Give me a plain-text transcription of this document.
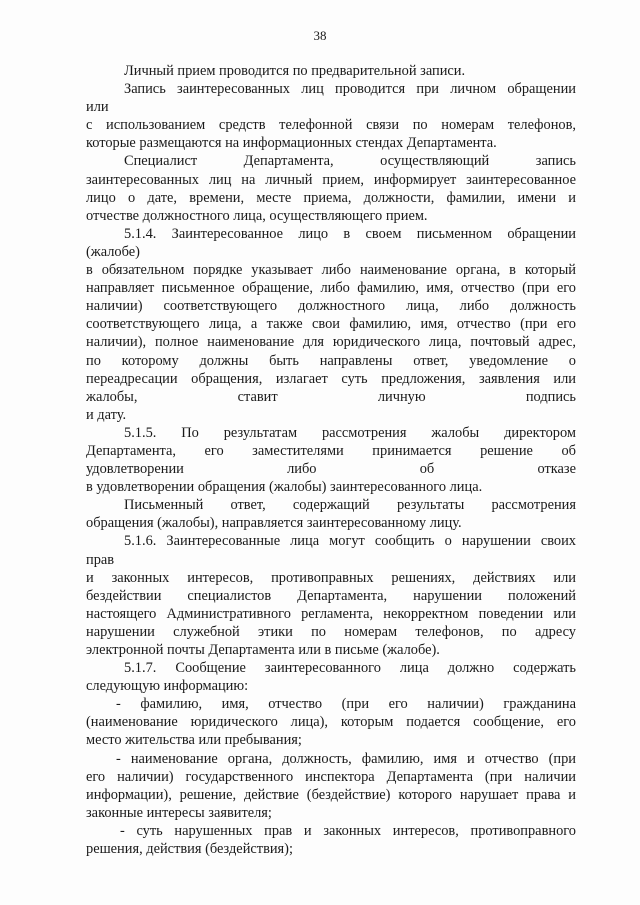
38
Личный прием проводится по предварительной записи.
Запись заинтересованных лиц проводится при личном обращении
или
с использованием средств телефонной связи по номерам телефонов,
которые размещаются на информационных стендах Департамента.
Специалист Департамента, осуществляющий запись
заинтересованных лиц на личный прием, информирует заинтересованное
лицо о дате, времени, месте приема, должности, фамилии, имени и
отчестве должностного лица, осуществляющего прием.
5.1.4. Заинтересованное лицо в своем письменном обращении
(жалобе)
в обязательном порядке указывает либо наименование органа, в который
направляет письменное обращение, либо фамилию, имя, отчество (при его
наличии) соответствующего должностного лица, либо должность
соответствующего лица, а также свои фамилию, имя, отчество (при его
наличии), полное наименование для юридического лица, почтовый адрес,
по которому должны быть направлены ответ, уведомление о
переадресации обращения, излагает суть предложения, заявления или
жалобы, ставит личную подпись
и дату.
5.1.5. По результатам рассмотрения жалобы директором
Департамента, его заместителями принимается решение об
удовлетворении либо об отказе
в удовлетворении обращения (жалобы) заинтересованного лица.
Письменный ответ, содержащий результаты рассмотрения
обращения (жалобы), направляется заинтересованному лицу.
5.1.6. Заинтересованные лица могут сообщить о нарушении своих
прав
и законных интересов, противоправных решениях, действиях или
бездействии специалистов Департамента, нарушении положений
настоящего Административного регламента, некорректном поведении или
нарушении служебной этики по номерам телефонов, по адресу
электронной почты Департамента или в письме (жалобе).
5.1.7. Сообщение заинтересованного лица должно содержать
следующую информацию:
- фамилию, имя, отчество (при его наличии) гражданина
(наименование юридического лица), которым подается сообщение, его
место жительства или пребывания;
- наименование органа, должность, фамилию, имя и отчество (при
его наличии) государственного инспектора Департамента (при наличии
информации), решение, действие (бездействие) которого нарушает права и
законные интересы заявителя;
- суть нарушенных прав и законных интересов, противоправного
решения, действия (бездействия);
